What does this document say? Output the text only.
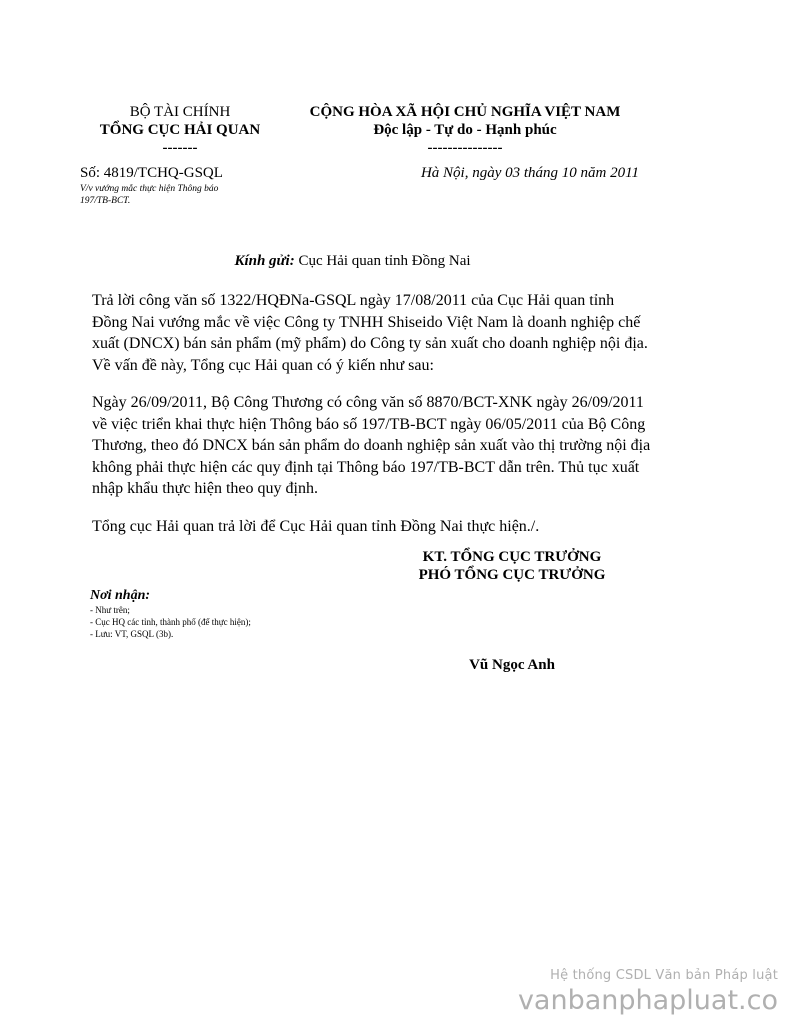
BỘ TÀI CHÍNH
TỔNG CỤC HẢI QUAN
-------
CỘNG HÒA XÃ HỘI CHỦ NGHĨA VIỆT NAM
Độc lập - Tự do - Hạnh phúc
---------------
Số: 4819/TCHQ-GSQL
V/v vướng mắc thực hiện Thông báo
197/TB-BCT.
Hà Nội, ngày 03 tháng 10 năm 2011
Kính gửi: Cục Hải quan tỉnh Đồng Nai

Trả lời công văn số 1322/HQĐNa-GSQL ngày 17/08/2011 của Cục Hải quan tỉnh Đồng Nai vướng mắc về việc Công ty TNHH Shiseido Việt Nam là doanh nghiệp chế xuất (DNCX) bán sản phẩm (mỹ phẩm) do Công ty sản xuất cho doanh nghiệp nội địa. Về vấn đề này, Tổng cục Hải quan có ý kiến như sau:

Ngày 26/09/2011, Bộ Công Thương có công văn số 8870/BCT-XNK ngày 26/09/2011 về việc triển khai thực hiện Thông báo số 197/TB-BCT ngày 06/05/2011 của Bộ Công Thương, theo đó DNCX bán sản phẩm do doanh nghiệp sản xuất vào thị trường nội địa không phải thực hiện các quy định tại Thông báo 197/TB-BCT dẫn trên. Thủ tục xuất nhập khẩu thực hiện theo quy định.

Tổng cục Hải quan trả lời để Cục Hải quan tỉnh Đồng Nai thực hiện./.

KT. TỔNG CỤC TRƯỞNG
PHÓ TỔNG CỤC TRƯỞNG
Vũ Ngọc Anh
Nơi nhận:
- Như trên;
- Cục HQ các tỉnh, thành phố (để thực hiện);
- Lưu: VT, GSQL (3b).
Hệ thống CSDL Văn bản Pháp luật
vanbanphapluat.co
